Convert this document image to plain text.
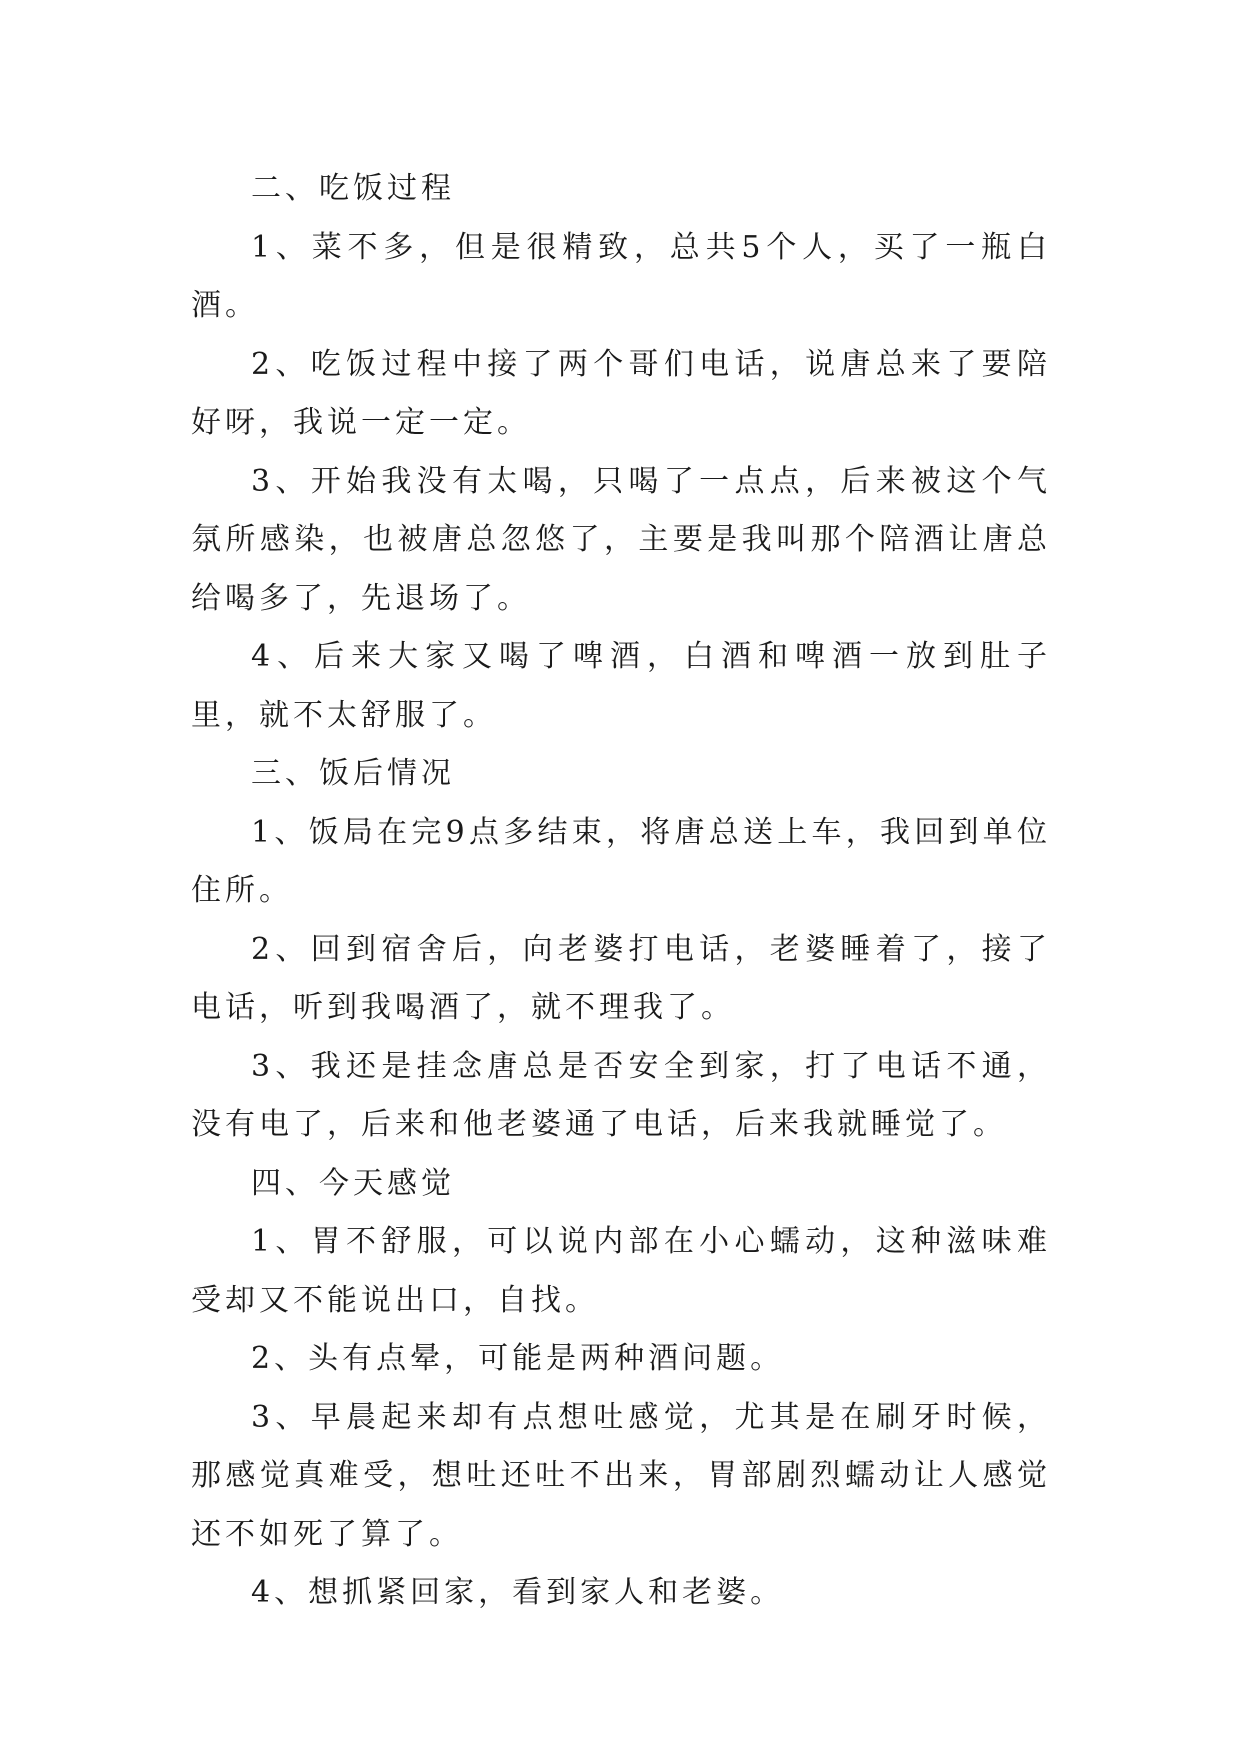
二、吃饭过程

1、菜不多，但是很精致，总共5个人，买了一瓶白酒。

2、吃饭过程中接了两个哥们电话，说唐总来了要陪好呀，我说一定一定。

3、开始我没有太喝，只喝了一点点，后来被这个气氛所感染，也被唐总忽悠了，主要是我叫那个陪酒让唐总给喝多了，先退场了。

4、后来大家又喝了啤酒，白酒和啤酒一放到肚子里，就不太舒服了。

三、饭后情况

1、饭局在完9点多结束，将唐总送上车，我回到单位住所。

2、回到宿舍后，向老婆打电话，老婆睡着了，接了电话，听到我喝酒了，就不理我了。

3、我还是挂念唐总是否安全到家，打了电话不通，没有电了，后来和他老婆通了电话，后来我就睡觉了。

四、今天感觉

1、胃不舒服，可以说内部在小心蠕动，这种滋味难受却又不能说出口，自找。

2、头有点晕，可能是两种酒问题。

3、早晨起来却有点想吐感觉，尤其是在刷牙时候，那感觉真难受，想吐还吐不出来，胃部剧烈蠕动让人感觉还不如死了算了。

4、想抓紧回家，看到家人和老婆。
